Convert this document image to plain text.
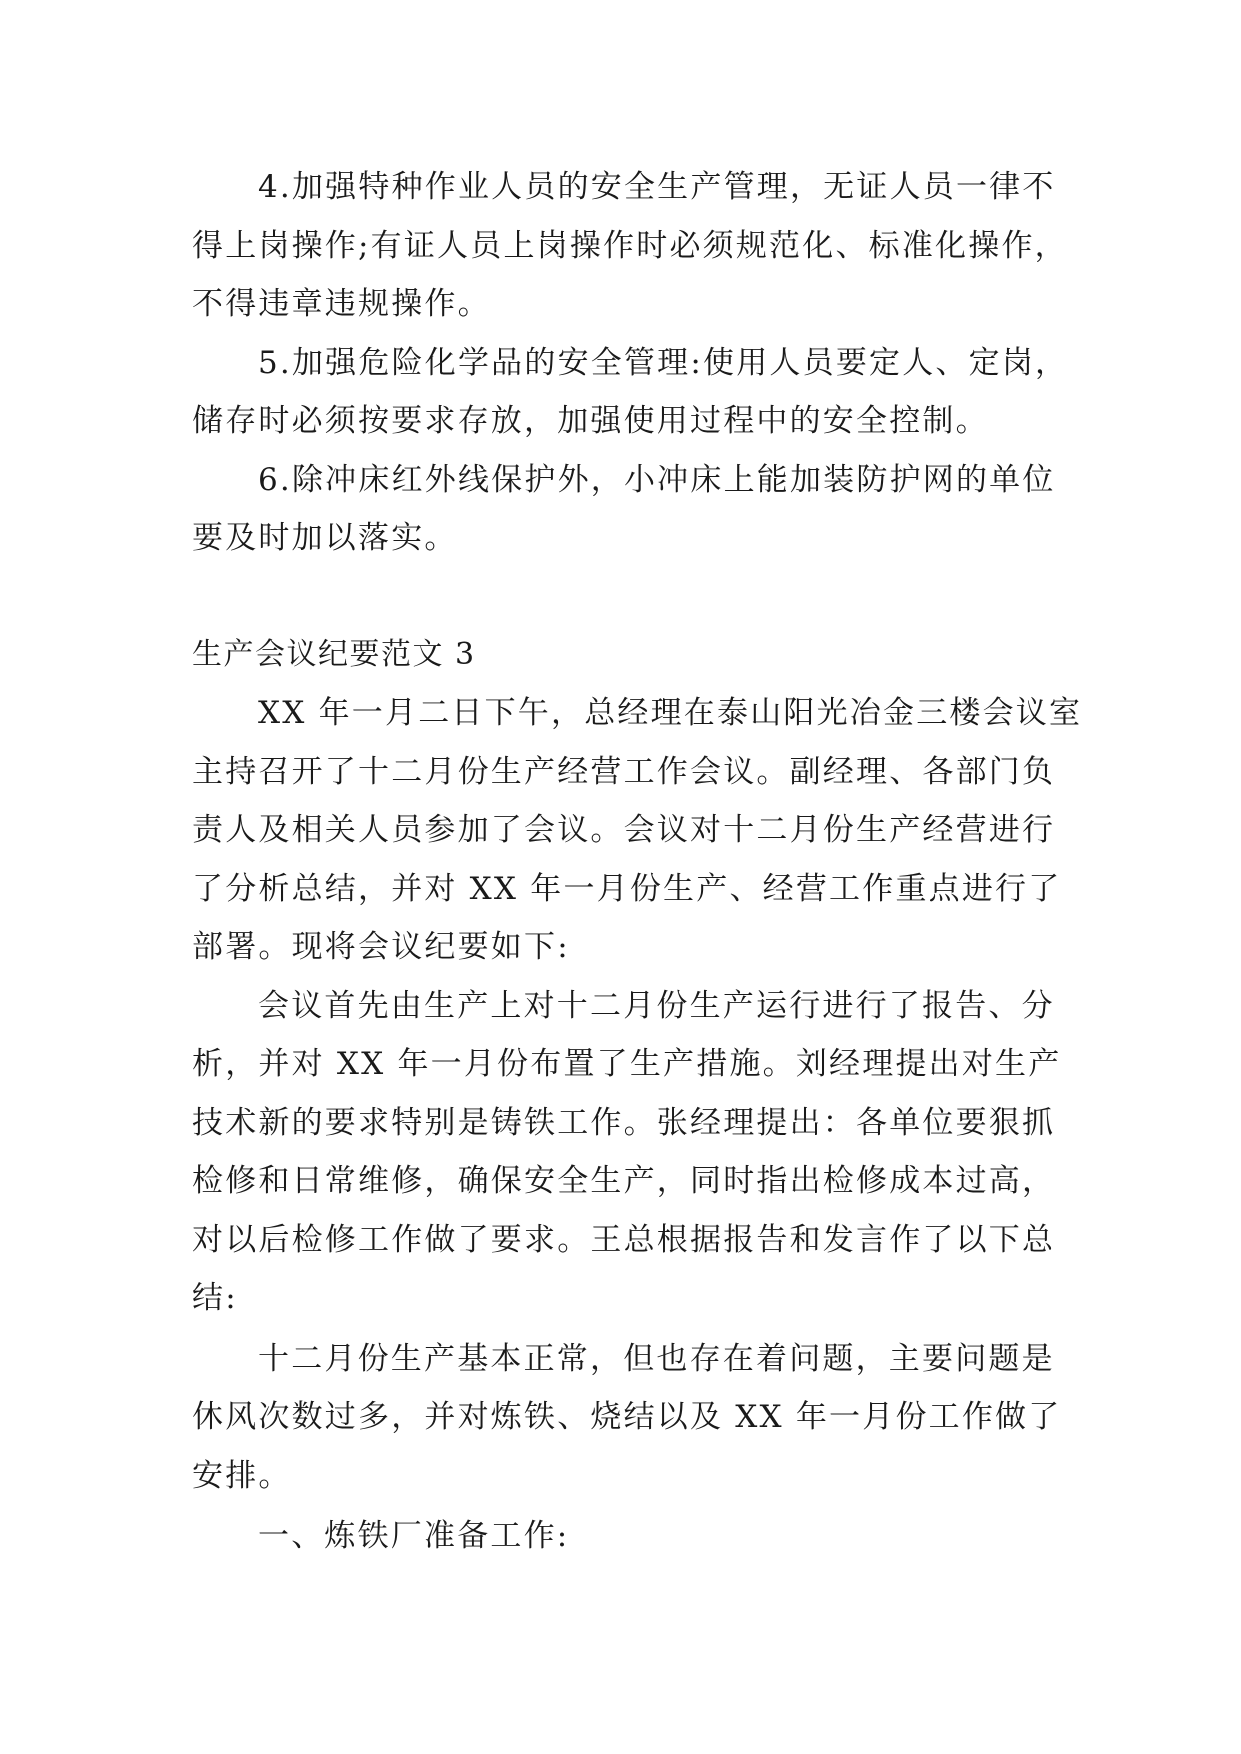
4.加强特种作业人员的安全生产管理，无证人员一律不
得上岗操作;有证人员上岗操作时必须规范化、标准化操作，
不得违章违规操作。
5.加强危险化学品的安全管理:使用人员要定人、定岗，
储存时必须按要求存放，加强使用过程中的安全控制。
6.除冲床红外线保护外，小冲床上能加装防护网的单位
要及时加以落实。
生产会议纪要范文 3
XX 年一月二日下午，总经理在泰山阳光冶金三楼会议室
主持召开了十二月份生产经营工作会议。副经理、各部门负
责人及相关人员参加了会议。会议对十二月份生产经营进行
了分析总结，并对 XX 年一月份生产、经营工作重点进行了
部署。现将会议纪要如下:
会议首先由生产上对十二月份生产运行进行了报告、分
析，并对 XX 年一月份布置了生产措施。刘经理提出对生产
技术新的要求特别是铸铁工作。张经理提出：各单位要狠抓
检修和日常维修，确保安全生产，同时指出检修成本过高，
对以后检修工作做了要求。王总根据报告和发言作了以下总
结:
十二月份生产基本正常，但也存在着问题，主要问题是
休风次数过多，并对炼铁、烧结以及 XX 年一月份工作做了
安排。
一、炼铁厂准备工作:
